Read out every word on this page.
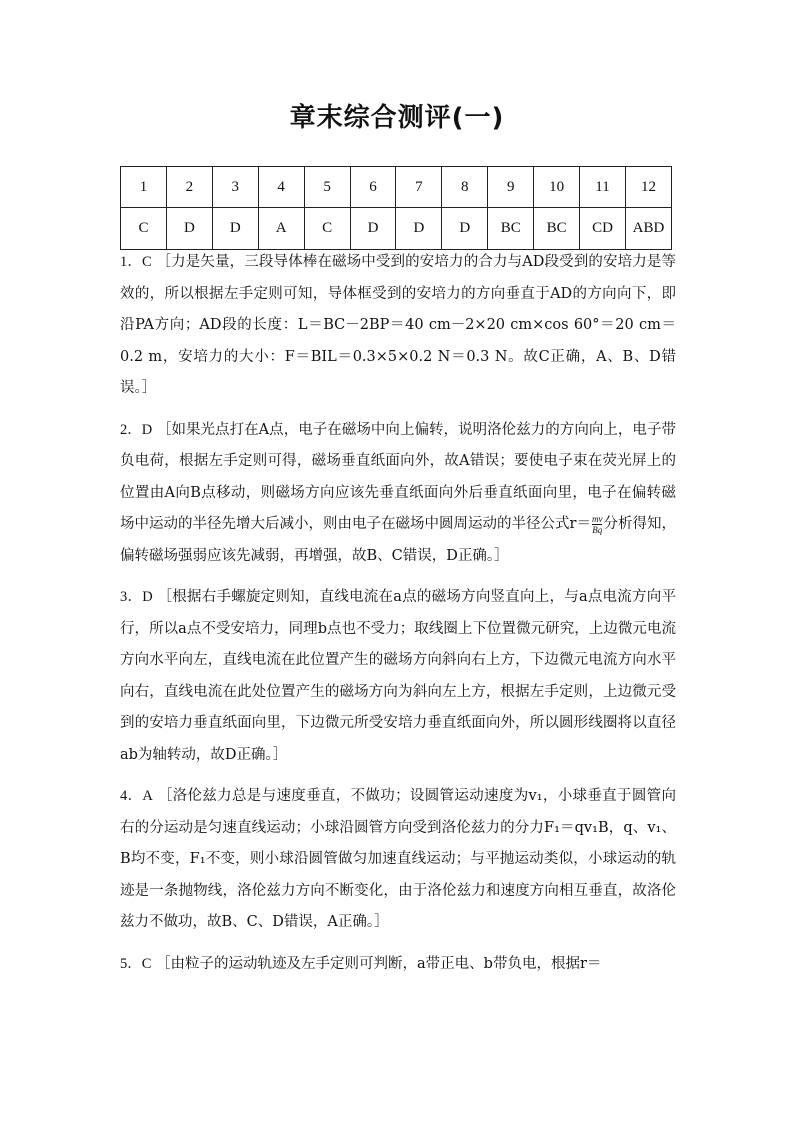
章末综合测评(一)
1	2	3	4	5	6	7	8	9	10	11	12
C	D	D	A	C	D	D	D	BC	BC	CD	ABD

1．C ［力是矢量，三段导体棒在磁场中受到的安培力的合力与AD段受到的安培力是等效的，所以根据左手定则可知，导体框受到的安培力的方向垂直于AD的方向向下，即沿PA方向；AD段的长度：L＝BC－2BP＝40 cm－2×20 cm×cos 60°＝20 cm＝0.2 m，安培力的大小：F＝BIL＝0.3×5×0.2 N＝0.3 N。故C正确，A、B、D错误。］

2．D ［如果光点打在A点，电子在磁场中向上偏转，说明洛伦兹力的方向向上，电子带负电荷，根据左手定则可得，磁场垂直纸面向外，故A错误；要使电子束在荧光屏上的位置由A向B点移动，则磁场方向应该先垂直纸面向外后垂直纸面向里，电子在偏转磁场中运动的半径先增大后减小，则由电子在磁场中圆周运动的半径公式$r= \frac{mv}{Bq}$ 分析得知，偏转磁场强弱应该先减弱，再增强，故B、C错误，D正确。］

3．D ［根据右手螺旋定则知，直线电流在a点的磁场方向竖直向上，与a点电流方向平行，所以a点不受安培力，同理b点也不受力；取线圈上下位置微元研究，上边微元电流方向水平向左，直线电流在此位置产生的磁场方向斜向右上方，下边微元电流方向水平向右，直线电流在此处位置产生的磁场方向为斜向左上方，根据左手定则，上边微元受到的安培力垂直纸面向里，下边微元所受安培力垂直纸面向外，所以圆形线圈将以直径ab为轴转动，故D正确。］

4．A ［洛伦兹力总是与速度垂直，不做功；设圆管运动速度为v₁，小球垂直于圆管向右的分运动是匀速直线运动；小球沿圆管方向受到洛伦兹力的分力F₁＝qv₁B，q、v₁、B均不变，F₁不变，则小球沿圆管做匀加速直线运动；与平抛运动类似，小球运动的轨迹是一条抛物线，洛伦兹力方向不断变化，由于洛伦兹力和速度方向相互垂直，故洛伦兹力不做功，故B、C、D错误，A正确。］

5．C ［由粒子的运动轨迹及左手定则可判断，a带正电、b带负电，根据r＝
